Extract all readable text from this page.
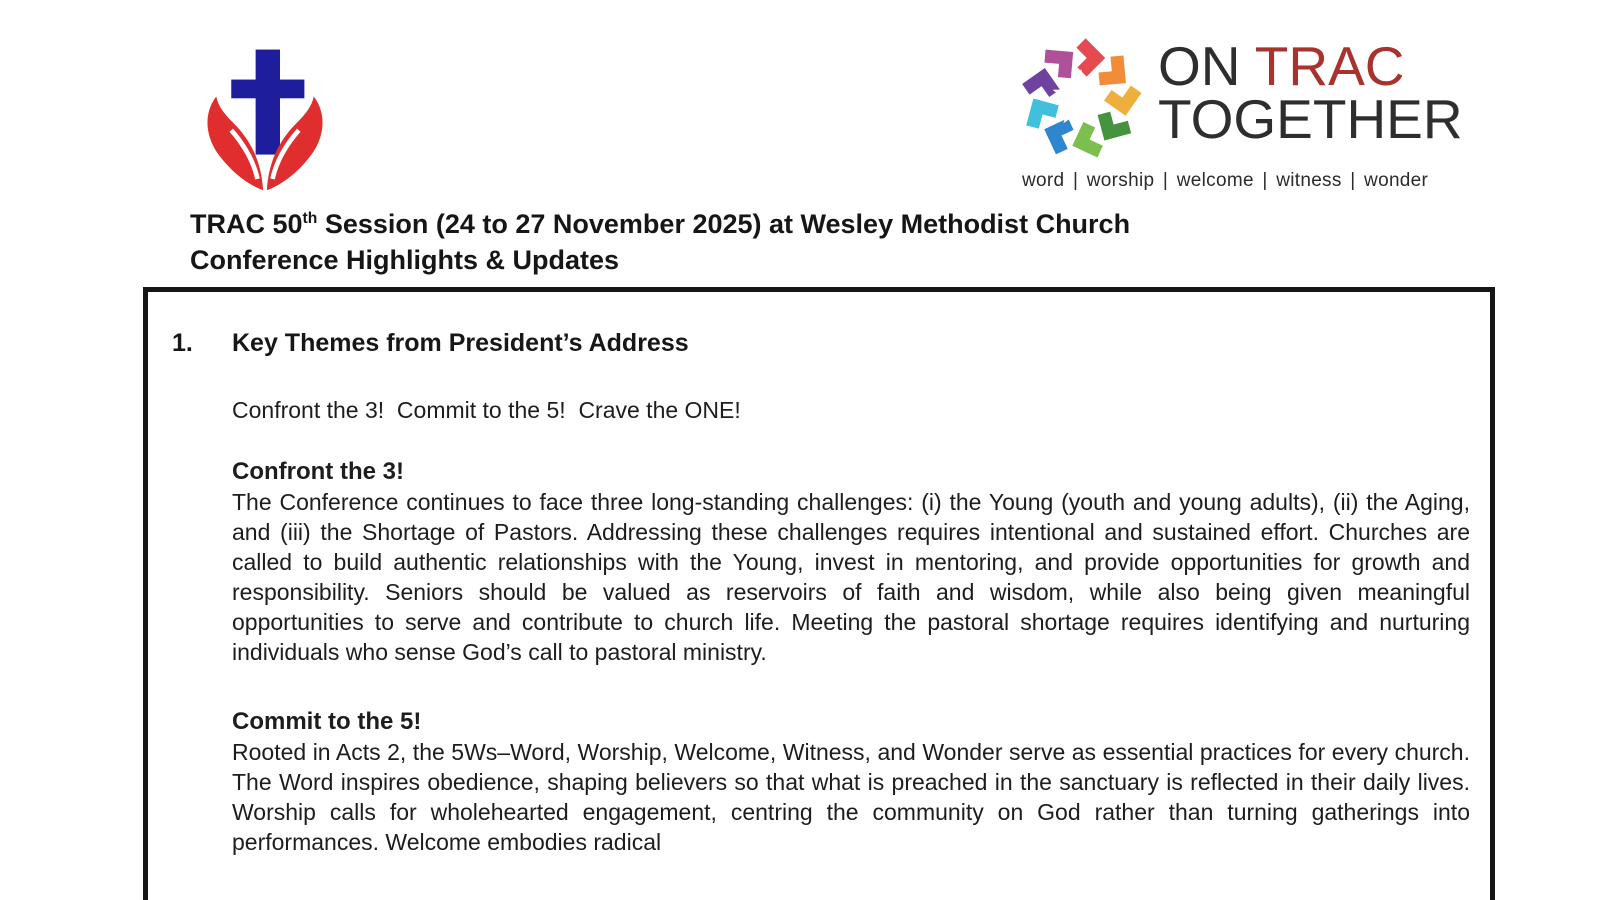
ON TRAC
TOGETHER
word | worship | welcome | witness | wonder
TRAC 50th Session (24 to 27 November 2025) at Wesley Methodist Church
Conference Highlights & Updates
1.	Key Themes from President’s Address
Confront the 3!  Commit to the 5!  Crave the ONE!
Confront the 3!
The Conference continues to face three long-standing challenges: (i) the Young (youth and young adults), (ii) the Aging, and (iii) the Shortage of Pastors. Addressing these challenges requires intentional and sustained effort. Churches are called to build authentic relationships with the Young, invest in mentoring, and provide opportunities for growth and responsibility. Seniors should be valued as reservoirs of faith and wisdom, while also being given meaningful opportunities to serve and contribute to church life. Meeting the pastoral shortage requires identifying and nurturing individuals who sense God’s call to pastoral ministry.
Commit to the 5!
Rooted in Acts 2, the 5Ws–Word, Worship, Welcome, Witness, and Wonder serve as essential practices for every church. The Word inspires obedience, shaping believers so that what is preached in the sanctuary is reflected in their daily lives. Worship calls for wholehearted engagement, centring the community on God rather than turning gatherings into performances. Welcome embodies radical
